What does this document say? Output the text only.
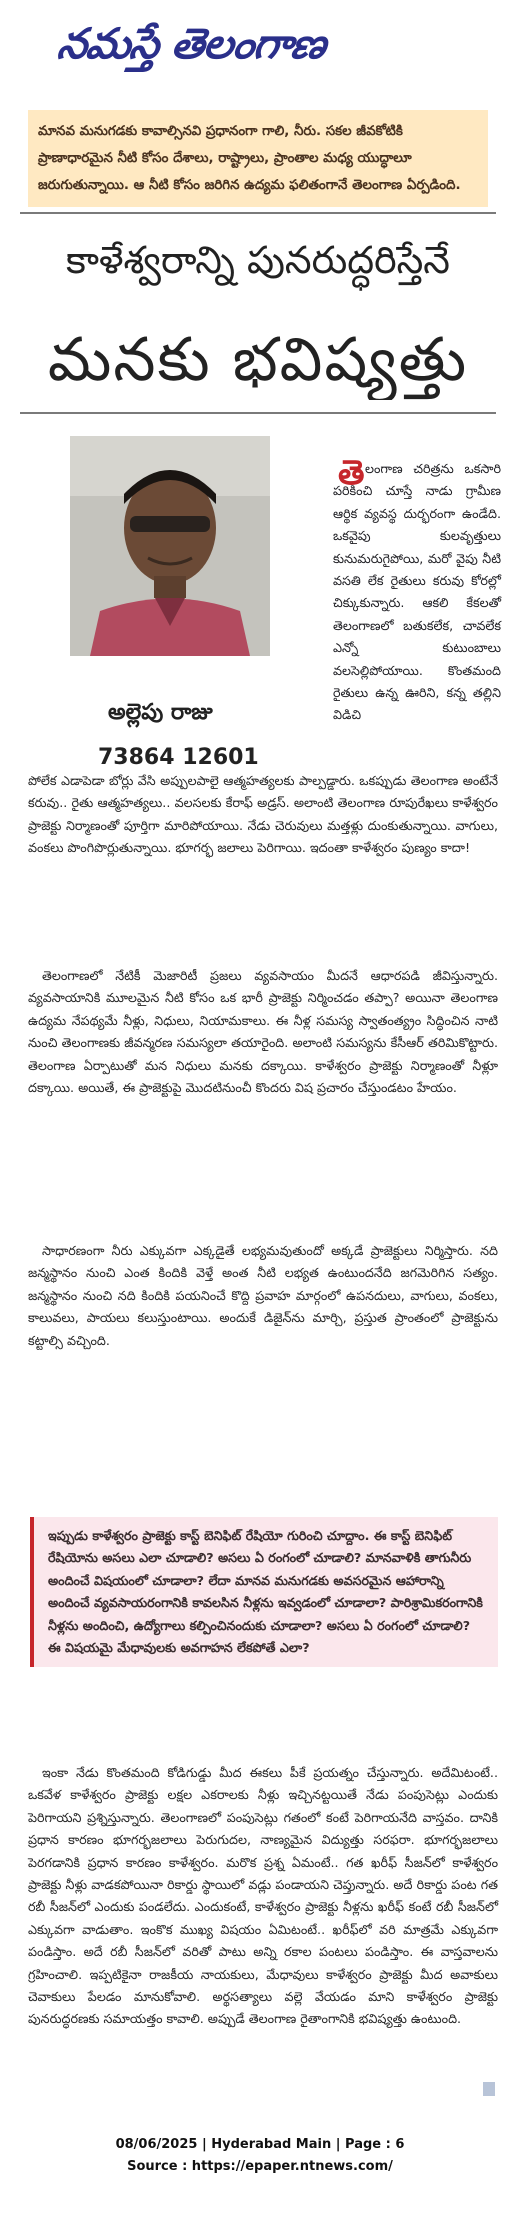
నమస్తే తెలంగాణ

మానవ మనుగడకు కావాల్సినవి ప్రధానంగా గాలి, నీరు. సకల జీవకోటికి ప్రాణాధారమైన నీటి కోసం దేశాలు, రాష్ట్రాలు, ప్రాంతాల మధ్య యుద్ధాలూ జరుగుతున్నాయి. ఆ నీటి కోసం జరిగిన ఉద్యమ ఫలితంగానే తెలంగాణ ఏర్పడింది.

కాళేశ్వరాన్ని పునరుద్ధరిస్తేనే
మనకు భవిష్యత్తు
అల్లెపు రాజు
73864 12601
తె లంగాణ చరిత్రను ఒకసారి పరికించి చూస్తే నాడు గ్రామీణ ఆర్థిక వ్యవస్థ దుర్భరంగా ఉండేది. ఒకవైపు కులవృత్తులు కునుమరుగైపోయి, మరో వైపు నీటి వసతి లేక రైతులు కరువు కోరల్లో చిక్కుకున్నారు. ఆకలి కేకలతో తెలంగాణలో బతుకలేక, చావలేక ఎన్నో కుటుంబాలు వలసెల్లిపోయాయి. కొంతమంది రైతులు ఉన్న ఊరిని, కన్న తల్లిని విడిచి

పోలేక ఎడాపెడా బోర్లు వేసి అప్పులపాలై ఆత్మహత్యలకు పాల్పడ్డారు. ఒకప్పుడు తెలంగాణ అంటేనే కరువు.. రైతు ఆత్మహత్యలు.. వలసలకు కేరాఫ్ అడ్రస్. అలాంటి తెలంగాణ రూపురేఖలు కాళేశ్వరం ప్రాజెక్టు నిర్మాణంతో పూర్తిగా మారిపోయాయి. నేడు చెరువులు మత్తళ్లు దుంకుతున్నాయి. వాగులు, వంకలు పొంగిపొర్లుతున్నాయి. భూగర్భ జలాలు పెరిగాయి. ఇదంతా కాళేశ్వరం పుణ్యం కాదా!

తెలంగాణలో నేటికీ మెజారిటీ ప్రజలు వ్యవసాయం మీదనే ఆధారపడి జీవిస్తున్నారు. వ్యవసాయానికి మూలమైన నీటి కోసం ఒక భారీ ప్రాజెక్టు నిర్మించడం తప్పా? అయినా తెలంగాణ ఉద్యమ నేపథ్యమే నీళ్లు, నిధులు, నియామకాలు. ఈ నీళ్ల సమస్య స్వాతంత్య్రం సిద్ధించిన నాటి నుంచి తెలంగాణకు జీవన్మరణ సమస్యలా తయారైంది. అలాంటి సమస్యను కేసీఆర్ తరిమికొట్టారు. తెలంగాణ ఏర్పాటుతో మన నిధులు మనకు దక్కాయి. కాళేశ్వరం ప్రాజెక్టు నిర్మాణంతో నీళ్లూ దక్కాయి. అయితే, ఈ ప్రాజెక్టుపై మొదటినుంచీ కొందరు విష ప్రచారం చేస్తుండటం హేయం.

సాధారణంగా నీరు ఎక్కువగా ఎక్కడైతే లభ్యమవుతుందో అక్కడే ప్రాజెక్టులు నిర్మిస్తారు. నది జన్మస్థానం నుంచి ఎంత కిందికి వెళ్తే అంత నీటి లభ్యత ఉంటుందనేది జగమెరిగిన సత్యం. జన్మస్థానం నుంచి నది కిందికి పయనించే కొద్ది ప్రవాహ మార్గంలో ఉపనదులు, వాగులు, వంకలు, కాలువలు, పాయలు కలుస్తుంటాయి. అందుకే డిజైన్‌ను మార్చి, ప్రస్తుత ప్రాంతంలో ప్రాజెక్టును కట్టాల్సి వచ్చింది.

ఇప్పుడు కాళేశ్వరం ప్రాజెక్టు కాస్ట్ బెనిఫిట్ రేషియో గురించి చూద్దాం. ఈ కాస్ట్ బెనిఫిట్ రేషియోను అసలు ఎలా చూడాలి? అసలు ఏ రంగంలో చూడాలి? మానవాళికి తాగునీరు అందించే విషయంలో చూడాలా? లేదా మానవ మనుగడకు అవసరమైన ఆహారాన్ని అందించే వ్యవసాయరంగానికి కావలసిన నీళ్లను ఇవ్వడంలో చూడాలా? పారిశ్రామికరంగానికి నీళ్లను అందించి, ఉద్యోగాలు కల్పించినందుకు చూడాలా? అసలు ఏ రంగంలో చూడాలి? ఈ విషయమై మేధావులకు అవగాహన లేకపోతే ఎలా?

ఇంకా నేడు కొంతమంది కోడిగుడ్డు మీద ఈకలు పీకే ప్రయత్నం చేస్తున్నారు. అదేమిటంటే.. ఒకవేళ కాళేశ్వరం ప్రాజెక్టు లక్షల ఎకరాలకు నీళ్లు ఇచ్చినట్టయితే నేడు పంపుసెట్లు ఎందుకు పెరిగాయని ప్రశ్నిస్తున్నారు. తెలంగాణలో పంపుసెట్లు గతంలో కంటే పెరిగాయనేది వాస్తవం. దానికి ప్రధాన కారణం భూగర్భజలాలు పెరుగుదల, నాణ్యమైన విద్యుత్తు సరఫరా. భూగర్భజలాలు పెరగడానికి ప్రధాన కారణం కాళేశ్వరం. మరొక ప్రశ్న ఏమంటే.. గత ఖరీఫ్ సీజన్‌లో కాళేశ్వరం ప్రాజెక్టు నీళ్లు వాడకపోయినా రికార్డు స్థాయిలో వడ్లు పండాయని చెప్తున్నారు. అదే రికార్డు పంట గత రబీ సీజన్‌లో ఎందుకు పండలేదు. ఎందుకంటే, కాళేశ్వరం ప్రాజెక్టు నీళ్లను ఖరీఫ్ కంటే రబీ సీజన్‌లో ఎక్కువగా వాడుతాం. ఇంకొక ముఖ్య విషయం ఏమిటంటే.. ఖరీఫ్‌లో వరి మాత్రమే ఎక్కువగా పండిస్తాం. అదే రబీ సీజన్‌లో వరితో పాటు అన్ని రకాల పంటలు పండిస్తాం. ఈ వాస్తవాలను గ్రహించాలి. ఇప్పటికైనా రాజకీయ నాయకులు, మేధావులు కాళేశ్వరం ప్రాజెక్టు మీద అవాకులు చెవాకులు పేలడం మానుకోవాలి. అర్థసత్యాలు వల్లె వేయడం మాని కాళేశ్వరం ప్రాజెక్టు పునరుద్ధరణకు సమాయత్తం కావాలి. అప్పుడే తెలంగాణ రైతాంగానికి భవిష్యత్తు ఉంటుంది.

08/06/2025 | Hyderabad Main | Page : 6
Source : https://epaper.ntnews.com/
